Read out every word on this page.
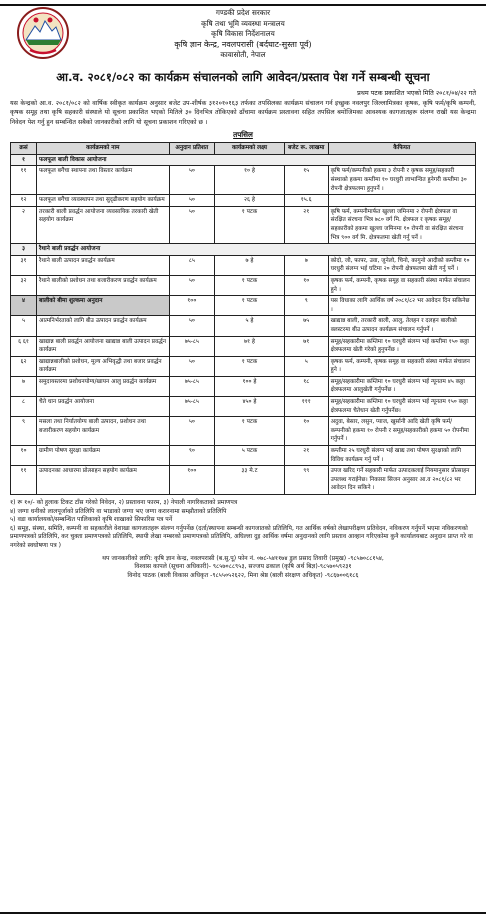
गण्डकी प्रदेश सरकार
कृषि तथा भूमि व्यवस्था मन्त्रालय
कृषि विकास निर्देशनालय
कृषि ज्ञान केन्द्र, नवलपरासी (बर्दघाट-सुस्ता पूर्व)
कावासोती, नेपाल
आ.व. २०८१/०८२ का कार्यक्रम संचालनको लागि आवेदन/प्रस्ताव पेश गर्ने सम्बन्धी सूचना
प्रथम पटक प्रकाशित भएको मिति २०८१/०४/२२ गते
यस केन्द्रको आ.व. २०८१/०८२ को वार्षिक स्वीकृत कार्यक्रम अनुसार बजेट उप-शीर्षक ३१२०१०१६३ तर्फका तपसिलका कार्यक्रम संचालन गर्न इच्छुक नवलपुर जिल्लामित्रका कृषक, कृषि फर्म/कृषि कम्पनी, कृषक समूह तथा कृषि सहकारी संस्थाले यो सूचना प्रकाशित भएको मितिले ३० दिनभित्र तोकिएको ढाँचामा कार्यक्रम प्रस्तावना सहित तपसिल बमोजिमका आवश्यक कागजातहरू संलग्न राखी यस केन्द्रमा निवेदन पेश गर्नु हुन सम्बन्धित सबैको जानकारीको लागि यो सूचना प्रकाशन गरिएको छ ।
तपसिल
क्रसं	कार्यक्रमको नाम	अनुदान प्रतिशत	कार्यक्रमको लक्ष्य	बजेट रू. लाखमा	कैफियत
१	फलफूल बाली विकास आयोजना				
११	फलफूल बगैंचा स्थापना तथा विस्तार कार्यक्रम	५०	१० हे	१५	कृषि फर्म/कम्पनीको हकमा ३ रोपनी र कृषक समूह/सहकारी संस्थाको हकमा कम्तीमा १० घरधुरी लाभान्वित हुनेगरी कम्तीमा ३० रोपनी क्षेत्रफलमा हुनुपर्ने ।
१२	फलफूल बगैंचा व्यवस्थापन तथा सुदृढीकरण सहयोग कार्यक्रम	५०	२६ हे	१५.६	
२	तरकारी बाली प्रवर्द्धन आयोजना व्यवसायिक तरकारी खेती सहयोग कार्यक्रम	५०	१ पटक	२१	कृषि फर्म, कम्पनीमार्फत खुल्ला जमिनमा २ रोपनी क्षेत्रफल वा संरक्षित संरचना भित्र ७८० वर्ग मि. क्षेत्रफल र कृषक समूह/सहकारीको हकमा खुल्ला जमिनमा १० रोपनी वा संरक्षित संरचना भित्र ९०० वर्ग मि. क्षेत्रफलमा खेती गर्नु पर्ने ।
३	रैथाने बाली प्रवर्द्धन आयोजना				
३१	रैथाने बाली उत्पादन प्रवर्द्धन कार्यक्रम	८५	७ हे	७	कोदो, जौ, फापर, उवा, जुनेलो, चिनो, कागुनो आदीको कम्तीमा १० घरधुरी संलग्न भई घटिमा २० रोपनी क्षेत्रफलमा खेती गर्नु पर्ने ।
३२	रैथाने बालीको प्रशोधन तथा बजारीकरण प्रवर्द्धन कार्यक्रम	५०	१ पटक	१०	कृषक फर्म, कम्पनी, कृषक समूह वा सहकारी संस्था मार्फत संचालन हुने ।
४	बालीको बीमा शुल्कमा अनुदान	१००	१ पटक	९	यस विधाका लागि आर्थिक वर्ष २०८१/८२ भर आवेदन दिन सकिनेछ ।
५	आत्मनिर्भरताको लागि बीउ उत्पादन प्रवर्द्धन कार्यक्रम	५०	५ हे	७५	खाद्यान्न बाली, तरकारी बाली, आलु, तेलहन र दलहन बालीको क्लस्टरमा बीउ उत्पादन कार्यक्रम संचालन गर्नुपर्ने ।
६ ६१	खाद्यान्न बाली प्रवर्द्धन आयोजना खाद्यान्न बाली उत्पादन प्रवर्द्धन कार्यक्रम	७५-८५	७१ हे	७१	समूह/सहकारीमा कम्तिमा १० घरधुरी संलग्न भई कम्तीमा १५० कठ्ठा क्षेत्रफलमा खेती गरेको हुनुपर्नेछ ।
६२	खाद्यान्नबालीको प्रशोधन, मूल्य अभिवृद्धी तथा बजार प्रवर्द्धन कार्यक्रम	५०	१ पटक	५	कृषक फर्म, कम्पनी, कृषक समूह वा सहकारी संस्था मार्फत संचालन हुने ।
७	समुदायस्तरमा प्रशोधनयोग्य/खायन आलु प्रवर्द्धन कार्यक्रम	७५-८५	१०० हे	१८	समूह/सहकारीमा कम्तिमा १० घरधुरी संलग्न भई न्यूनतम ४५ कठ्ठा क्षेत्रफलमा आलुखेती गर्नुपर्नेछ ।
८	चैते धान प्रवर्द्धन आयोजना	७५-८५	४५० हे	१११	समूह/सहकारीमा कम्तिमा १० घरधुरी संलग्न भई न्यूनतम १५० कठ्ठा क्षेत्रफलमा चैतेधान खेती गर्नुपर्नेछ।
९	मसला तथा निर्यातयोग्य बाली उत्पादन, प्रशोधन तथा बजारीकरण सहयोग कार्यक्रम	५०	१ पटक	१०	अदुवा, बेसार, लसुन, प्याज, खुर्सानी आदि खेती कृषि फर्म/ कम्पनीको हकमा १० रोपनी र समूह/सहकारीको हकमा ५० रोपनीमा गर्नुपर्ने ।
१०	ग्रामीण पोषण सुरक्षा कार्यक्रम	९०	५ पटक	२१	कम्तीमा २५ घरधुरी संलग्न भई खाद्य तथा पोषण सुरक्षाको लागि विविध कार्यक्रम गर्नु पर्ने ।
११	उत्पादनका आधारमा प्रोत्साहन सहयोग कार्यक्रम	१००	३३ मे.ट	९९	उपज खरिद गर्ने सहकारी मार्फत उत्पादकलाई नियमानुसार प्रोत्साहन उपलब्ध गराईनेछ। निकासा सिजन अनुसार आ.व २०८१/८२ भर आवेदन दिन सकिने ।
१) रू १०/- को हुलाक टिकट टाँस गरेको निवेदन, २) प्रस्तावना फारम, ३) नेपाली नागरिकताको प्रमाणपत्र
४) जग्गा धनीको लालपूर्जाको प्रतिलिपि वा भाडाको जग्गा भए जग्गा करारनामा सम्झौताको प्रतिलिपि
५) वडा कार्यालयको/सम्बन्धित पालिकाको कृषि शाखाको सिफारिस पत्र पर्ने
६) समूह, संस्था, समिति, कम्पनी वा सहकारीले वेशाखा कागजातहरू संलग्न गर्नुपर्नेछ (दर्ता/स्थापना सम्बन्धी कागजातको प्रतिलिपि, गत आर्थिक वर्षको लेखापरीक्षण प्रतिवेदन, नविकरण गर्नुपर्ने भएमा नविकरणको प्रमाणपत्रको प्रतिलिपि, कर चुक्ता प्रमाणपत्रको प्रतिलिपि, स्थायी लेखा नम्बरको प्रमाणपत्रको प्रतिलिपि, अघिल्ला दुइ आर्थिक वर्षमा अनुदानको लागि प्रस्ताव आव्हान गरिएकोमा कुनै कार्यालयबाट अनुदान प्राप्त गरे वा नगरेको स्वघोषणा पत्र )
थप जानकारीको लागि: कृषि ज्ञान केन्द्र, नवलपरासी (ब.सु.पू) फोन नं. ०७८-५४११७४ डुल प्रसाद तिवारी (प्रमुख) -९८५७०८८१५४,
विश्वास कापले (सूचना अधिकारी)- ९८५७०८८९५३, सज्जय ढकाल (कृषि अर्थ बिज्ञ)-९८५७०५९२३१
विनोद पाठक (बाली विकास अधिकृत -९८५५०५२६२२, मिना श्रेष्ठ (बाली संरक्षण अधिकृत) -९८६७००६१८६
